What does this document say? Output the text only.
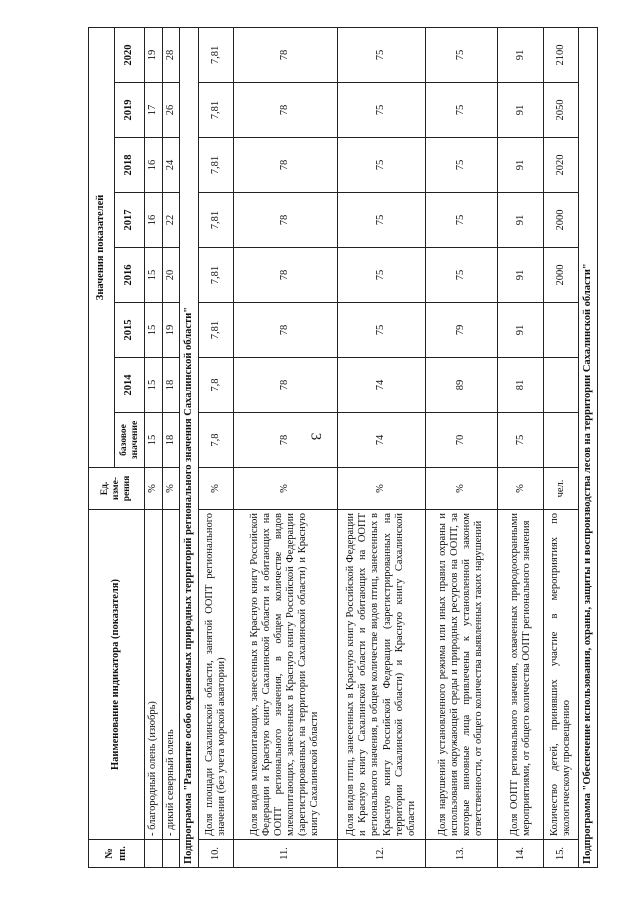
3
№ пп.	Наименование индикатора (показателя)	Ед. изме-рения	Значения показателей							
			базовое значение	2014	2015	2016	2017	2018	2019	2020
	- благородный олень (изюбрь)	%	15	15	15	15	16	16	17	19
	- дикий северный олень	%	18	18	19	20	22	24	26	28
Подпрограмма "Развитие особо охраняемых природных территорий регионального значения Сахалинской области"										
10.	Доля площади Сахалинской области, занятой ООПТ регионального значения (без учета морской акватории)	%	7,8	7,8	7,81	7,81	7,81	7,81	7,81	7,81
11.	Доля видов млекопитающих, занесенных в Красную книгу Российской Федерации и Красную книгу Сахалинской области и обитающих на ООПТ регионального значения, в общем количестве видов млекопитающих, занесенных в Красную книгу Российской Федерации (зарегистрированных на территории Сахалинской области) и Красную книгу Сахалинской области	%	78	78	78	78	78	78	78	78
12.	Доля видов птиц, занесенных в Красную книгу Российской Федерации и Красную книгу Сахалинской области и обитающих на ООПТ регионального значения, в общем количестве видов птиц, занесенных в Красную книгу Российской Федерации (зарегистрированных на территории Сахалинской области) и Красную книгу Сахалинской области	%	74	74	75	75	75	75	75	75
13.	Доля нарушений установленного режима или иных правил охраны и использования окружающей среды и природных ресурсов на ООПТ, за которые виновные лица привлечены к установленной законом ответственности, от общего количества выявленных таких нарушений	%	70	89	79	75	75	75	75	75
14.	Доля ООПТ регионального значения, охваченных природоохранными мероприятиями, от общего количества ООПТ регионального значения	%	75	81	91	91	91	91	91	91
15.	Количество детей, принявших участие в мероприятиях по экологическому просвещению	чел.				2000	2000	2020	2050	2100
Подпрограмма "Обеспечение использования, охраны, защиты и воспроизводства лесов на территории Сахалинской области"										
